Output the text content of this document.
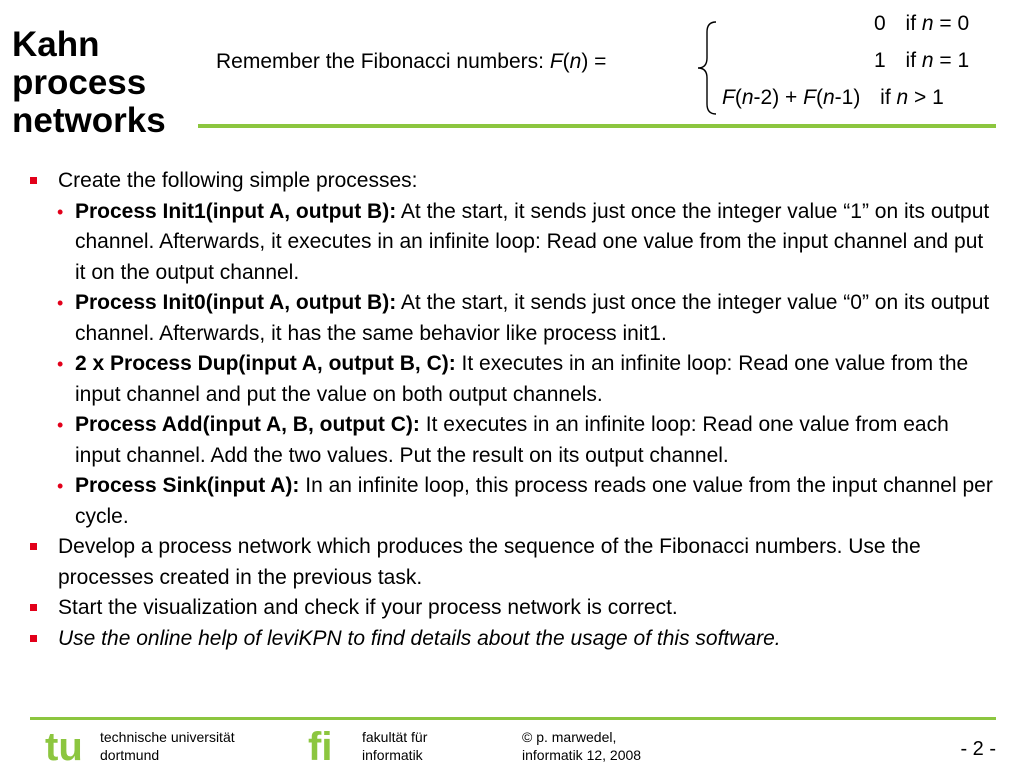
Kahn process networks
Remember the Fibonacci numbers: F(n) =
0 if n = 0
1 if n = 1
F(n-2) + F(n-1) if n > 1
Create the following simple processes:
• Process Init1(input A, output B): At the start, it sends just once the integer value “1” on its output channel. Afterwards, it executes in an infinite loop: Read one value from the input channel and put it on the output channel.
• Process Init0(input A, output B): At the start, it sends just once the integer value “0” on its output channel. Afterwards, it has the same behavior like process init1.
• 2 x Process Dup(input A, output B, C): It executes in an infinite loop: Read one value from the input channel and put the value on both output channels.
• Process Add(input A, B, output C): It executes in an infinite loop: Read one value from each input channel. Add the two values. Put the result on its output channel.
• Process Sink(input A): In an infinite loop, this process reads one value from the input channel per cycle.
Develop a process network which produces the sequence of the Fibonacci numbers. Use the processes created in the previous task.
Start the visualization and check if your process network is correct.
Use the online help of leviKPN to find details about the usage of this software.
tu technische universität
dortmund	fi fakultät für
informatik
© p. marwedel,
informatik 12, 2008	- 2 -
